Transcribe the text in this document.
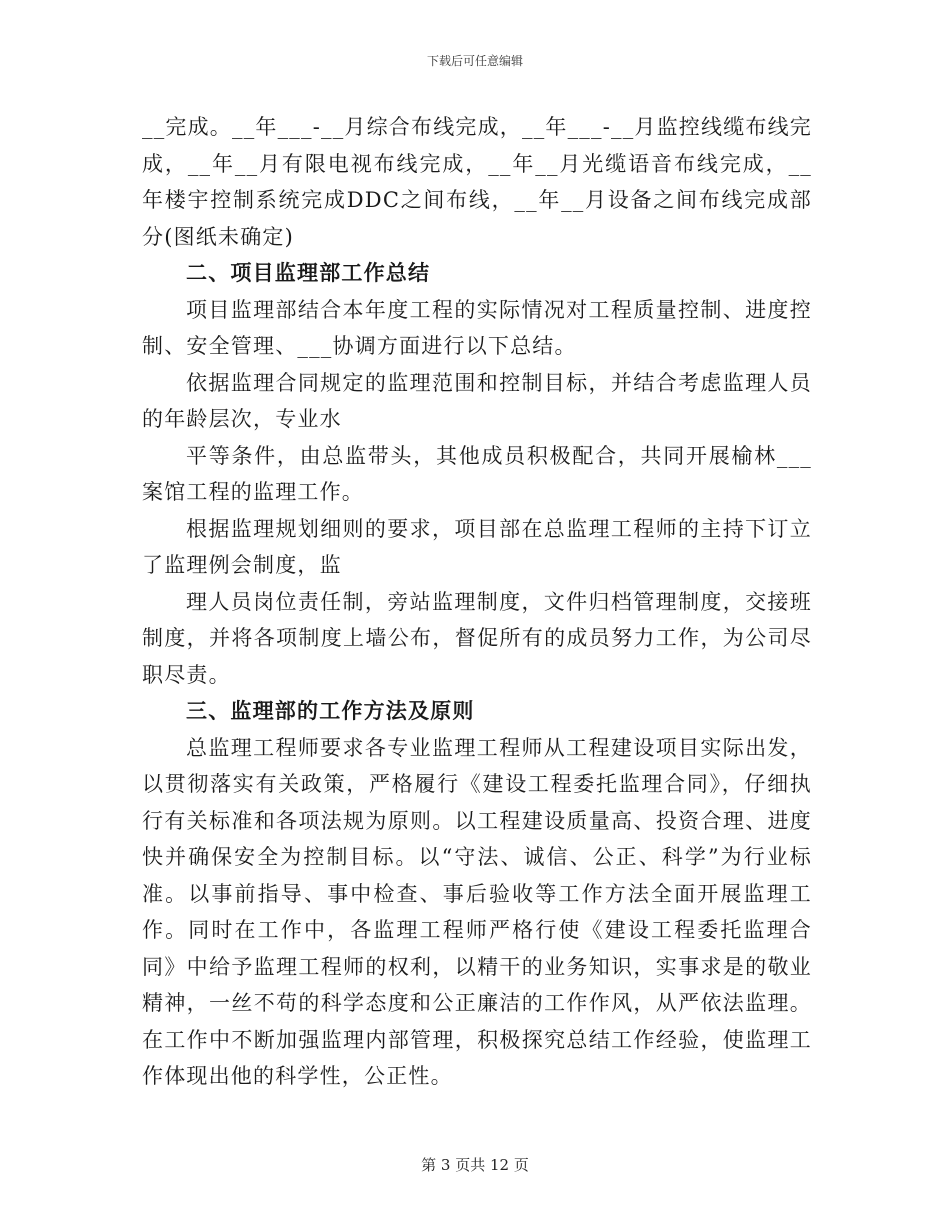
下载后可任意编辑

__完成。__年___-__月综合布线完成，__年___-__月监控线缆布线完成，__年__月有限电视布线完成，__年__月光缆语音布线完成，__年楼宇控制系统完成DDC之间布线，__年__月设备之间布线完成部分(图纸未确定)

二、项目监理部工作总结

项目监理部结合本年度工程的实际情况对工程质量控制、进度控制、安全管理、___协调方面进行以下总结。

依据监理合同规定的监理范围和控制目标，并结合考虑监理人员的年龄层次，专业水

平等条件，由总监带头，其他成员积极配合，共同开展榆林___案馆工程的监理工作。

根据监理规划细则的要求，项目部在总监理工程师的主持下订立了监理例会制度，监

理人员岗位责任制，旁站监理制度，文件归档管理制度，交接班制度，并将各项制度上墙公布，督促所有的成员努力工作，为公司尽职尽责。

三、监理部的工作方法及原则

总监理工程师要求各专业监理工程师从工程建设项目实际出发，以贯彻落实有关政策，严格履行《建设工程委托监理合同》，仔细执行有关标准和各项法规为原则。以工程建设质量高、投资合理、进度快并确保安全为控制目标。以“守法、诚信、公正、科学”为行业标准。以事前指导、事中检查、事后验收等工作方法全面开展监理工作。同时在工作中，各监理工程师严格行使《建设工程委托监理合同》中给予监理工程师的权利，以精干的业务知识，实事求是的敬业精神，一丝不苟的科学态度和公正廉洁的工作作风，从严依法监理。在工作中不断加强监理内部管理，积极探究总结工作经验，使监理工作体现出他的科学性，公正性。

第 3 页共 12 页
